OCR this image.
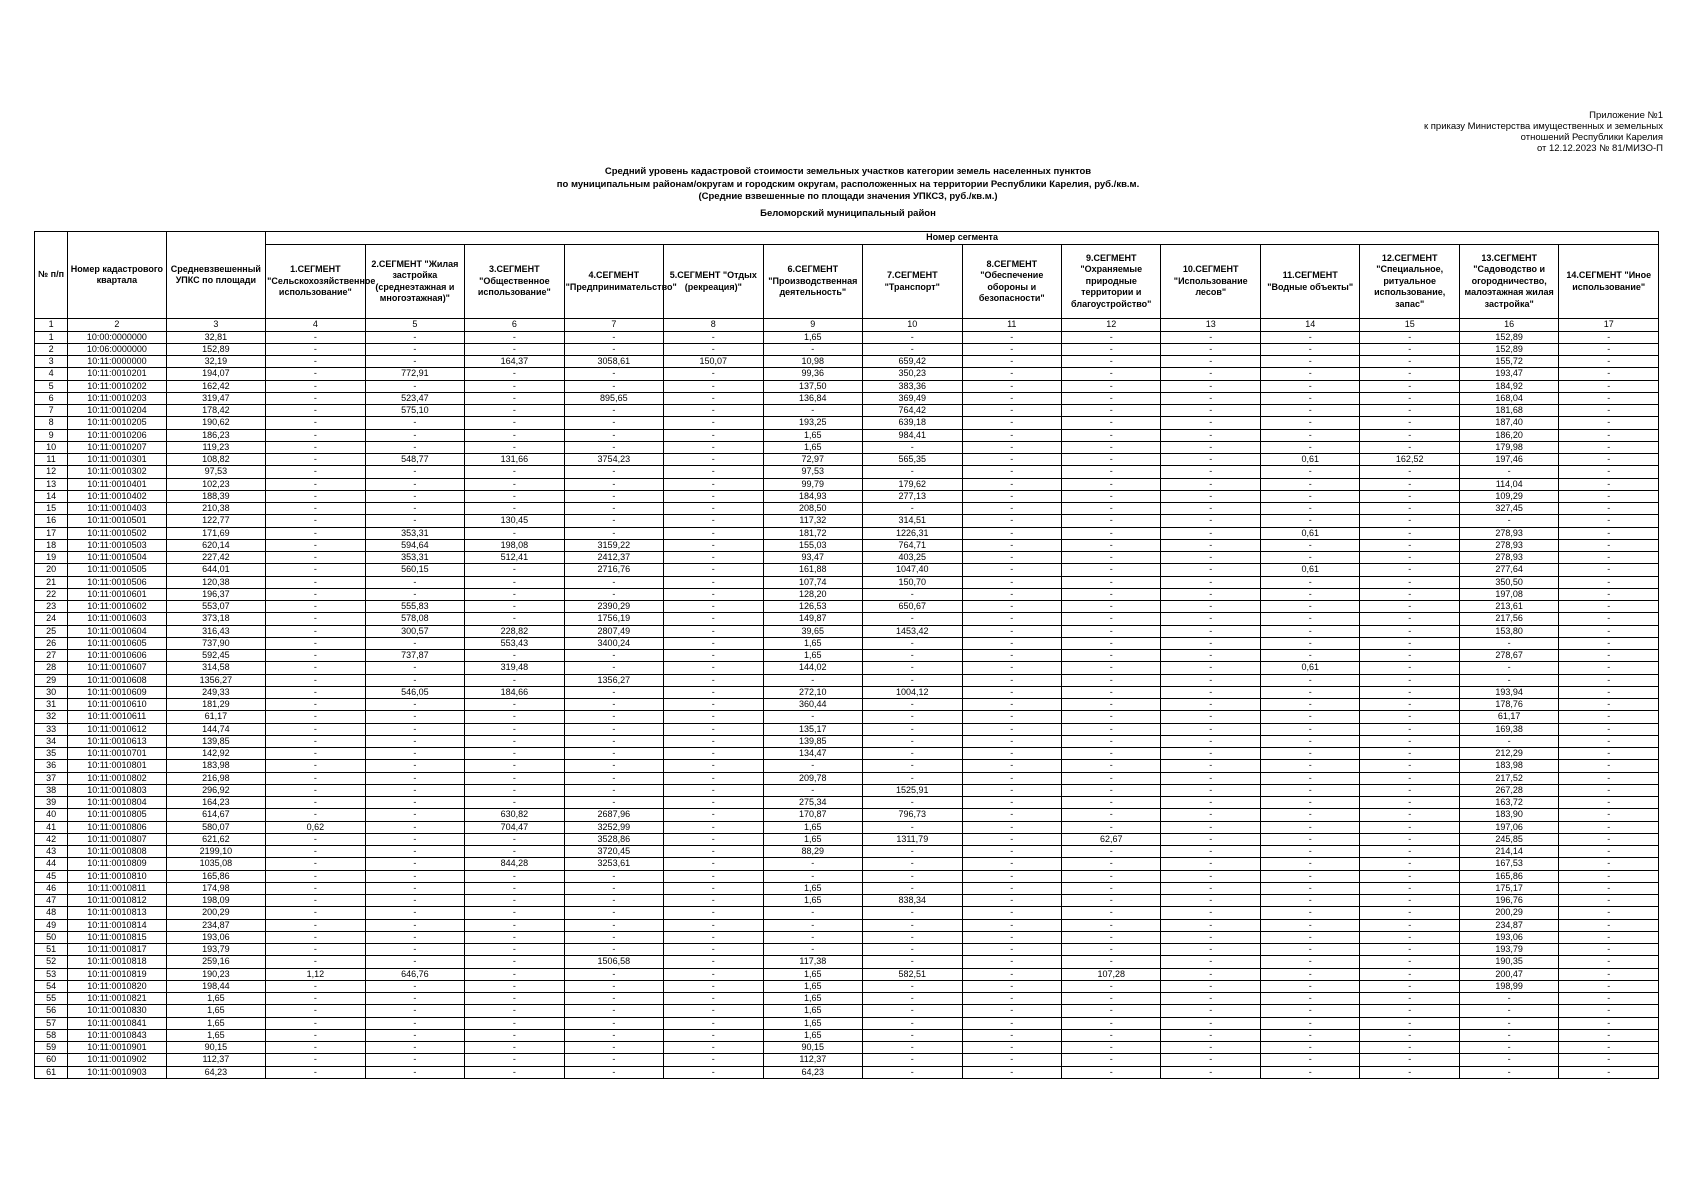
Приложение №1
к приказу Министерства имущественных и земельных
отношений Республики Карелия
от 12.12.2023 № 81/МИЗО-П
Средний уровень кадастровой стоимости земельных участков категории земель населенных пунктов
по муниципальным районам/округам и городским округам, расположенных на территории Республики Карелия, руб./кв.м.
(Средние взвешенные по площади значения УПКСЗ, руб./кв.м.)
Беломорский муниципальный район
№ п/п	Номер кадастрового квартала	Средневзвешенный УПКС по площади	Номер сегмента													
			1.СЕГМЕНТ "Сельскохозяйственное использование"	2.СЕГМЕНТ "Жилая застройка (среднеэтажная и многоэтажная)"	3.СЕГМЕНТ "Общественное использование"	4.СЕГМЕНТ "Предпринимательство"	5.СЕГМЕНТ "Отдых (рекреация)"	6.СЕГМЕНТ "Производственная деятельность"	7.СЕГМЕНТ "Транспорт"	8.СЕГМЕНТ "Обеспечение обороны и безопасности"	9.СЕГМЕНТ "Охраняемые природные территории и благоустройство"	10.СЕГМЕНТ "Использование лесов"	11.СЕГМЕНТ "Водные объекты"	12.СЕГМЕНТ "Специальное, ритуальное использование, запас"	13.СЕГМЕНТ "Садоводство и огородничество, малоэтажная жилая застройка"	14.СЕГМЕНТ "Иное использование"
1	2	3	4	5	6	7	8	9	10	11	12	13	14	15	16	17
1	10:00:0000000	32,81	-	-	-	-	-	1,65	-	-	-	-	-	-	152,89	-
2	10:06:0000000	152,89	-	-	-	-	-	-	-	-	-	-	-	-	152,89	-
3	10:11:0000000	32,19	-	-	164,37	3058,61	150,07	10,98	659,42	-	-	-	-	-	155,72	-
4	10:11:0010201	194,07	-	772,91	-	-	-	99,36	350,23	-	-	-	-	-	193,47	-
5	10:11:0010202	162,42	-	-	-	-	-	137,50	383,36	-	-	-	-	-	184,92	-
6	10:11:0010203	319,47	-	523,47	-	895,65	-	136,84	369,49	-	-	-	-	-	168,04	-
7	10:11:0010204	178,42	-	575,10	-	-	-	-	764,42	-	-	-	-	-	181,68	-
8	10:11:0010205	190,62	-	-	-	-	-	193,25	639,18	-	-	-	-	-	187,40	-
9	10:11:0010206	186,23	-	-	-	-	-	1,65	984,41	-	-	-	-	-	186,20	-
10	10:11:0010207	119,23	-	-	-	-	-	1,65	-	-	-	-	-	-	179,98	-
11	10:11:0010301	108,82	-	548,77	131,66	3754,23	-	72,97	565,35	-	-	-	0,61	162,52	197,46	-
12	10:11:0010302	97,53	-	-	-	-	-	97,53	-	-	-	-	-	-	-	-
13	10:11:0010401	102,23	-	-	-	-	-	99,79	179,62	-	-	-	-	-	114,04	-
14	10:11:0010402	188,39	-	-	-	-	-	184,93	277,13	-	-	-	-	-	109,29	-
15	10:11:0010403	210,38	-	-	-	-	-	208,50	-	-	-	-	-	-	327,45	-
16	10:11:0010501	122,77	-	-	130,45	-	-	117,32	314,51	-	-	-	-	-	-	-
17	10:11:0010502	171,69	-	353,31	-	-	-	181,72	1226,31	-	-	-	0,61	-	278,93	-
18	10:11:0010503	620,14	-	594,64	198,08	3159,22	-	155,03	764,71	-	-	-	-	-	278,93	-
19	10:11:0010504	227,42	-	353,31	512,41	2412,37	-	93,47	403,25	-	-	-	-	-	278,93	-
20	10:11:0010505	644,01	-	560,15	-	2716,76	-	161,88	1047,40	-	-	-	0,61	-	277,64	-
21	10:11:0010506	120,38	-	-	-	-	-	107,74	150,70	-	-	-	-	-	350,50	-
22	10:11:0010601	196,37	-	-	-	-	-	128,20	-	-	-	-	-	-	197,08	-
23	10:11:0010602	553,07	-	555,83	-	2390,29	-	126,53	650,67	-	-	-	-	-	213,61	-
24	10:11:0010603	373,18	-	578,08	-	1756,19	-	149,87	-	-	-	-	-	-	217,56	-
25	10:11:0010604	316,43	-	300,57	228,82	2807,49	-	39,65	1453,42	-	-	-	-	-	153,80	-
26	10:11:0010605	737,90	-	-	553,43	3400,24	-	1,65	-	-	-	-	-	-	-	-
27	10:11:0010606	592,45	-	737,87	-	-	-	1,65	-	-	-	-	-	-	278,67	-
28	10:11:0010607	314,58	-	-	319,48	-	-	144,02	-	-	-	-	0,61	-	-	-
29	10:11:0010608	1356,27	-	-	-	1356,27	-	-	-	-	-	-	-	-	-	-
30	10:11:0010609	249,33	-	546,05	184,66	-	-	272,10	1004,12	-	-	-	-	-	193,94	-
31	10:11:0010610	181,29	-	-	-	-	-	360,44	-	-	-	-	-	-	178,76	-
32	10:11:0010611	61,17	-	-	-	-	-	-	-	-	-	-	-	-	61,17	-
33	10:11:0010612	144,74	-	-	-	-	-	135,17	-	-	-	-	-	-	169,38	-
34	10:11:0010613	139,85	-	-	-	-	-	139,85	-	-	-	-	-	-	-	-
35	10:11:0010701	142,92	-	-	-	-	-	134,47	-	-	-	-	-	-	212,29	-
36	10:11:0010801	183,98	-	-	-	-	-	-	-	-	-	-	-	-	183,98	-
37	10:11:0010802	216,98	-	-	-	-	-	209,78	-	-	-	-	-	-	217,52	-
38	10:11:0010803	296,92	-	-	-	-	-	-	1525,91	-	-	-	-	-	267,28	-
39	10:11:0010804	164,23	-	-	-	-	-	275,34	-	-	-	-	-	-	163,72	-
40	10:11:0010805	614,67	-	-	630,82	2687,96	-	170,87	796,73	-	-	-	-	-	183,90	-
41	10:11:0010806	580,07	0,62	-	704,47	3252,99	-	1,65	-	-	-	-	-	-	197,06	-
42	10:11:0010807	621,62	-	-	-	3528,86	-	1,65	1311,79	-	62,67	-	-	-	245,85	-
43	10:11:0010808	2199,10	-	-	-	3720,45	-	88,29	-	-	-	-	-	-	214,14	-
44	10:11:0010809	1035,08	-	-	844,28	3253,61	-	-	-	-	-	-	-	-	167,53	-
45	10:11:0010810	165,86	-	-	-	-	-	-	-	-	-	-	-	-	165,86	-
46	10:11:0010811	174,98	-	-	-	-	-	1,65	-	-	-	-	-	-	175,17	-
47	10:11:0010812	198,09	-	-	-	-	-	1,65	838,34	-	-	-	-	-	196,76	-
48	10:11:0010813	200,29	-	-	-	-	-	-	-	-	-	-	-	-	200,29	-
49	10:11:0010814	234,87	-	-	-	-	-	-	-	-	-	-	-	-	234,87	-
50	10:11:0010815	193,06	-	-	-	-	-	-	-	-	-	-	-	-	193,06	-
51	10:11:0010817	193,79	-	-	-	-	-	-	-	-	-	-	-	-	193,79	-
52	10:11:0010818	259,16	-	-	-	1506,58	-	117,38	-	-	-	-	-	-	190,35	-
53	10:11:0010819	190,23	1,12	646,76	-	-	-	1,65	582,51	-	107,28	-	-	-	200,47	-
54	10:11:0010820	198,44	-	-	-	-	-	1,65	-	-	-	-	-	-	198,99	-
55	10:11:0010821	1,65	-	-	-	-	-	1,65	-	-	-	-	-	-	-	-
56	10:11:0010830	1,65	-	-	-	-	-	1,65	-	-	-	-	-	-	-	-
57	10:11:0010841	1,65	-	-	-	-	-	1,65	-	-	-	-	-	-	-	-
58	10:11:0010843	1,65	-	-	-	-	-	1,65	-	-	-	-	-	-	-	-
59	10:11:0010901	90,15	-	-	-	-	-	90,15	-	-	-	-	-	-	-	-
60	10:11:0010902	112,37	-	-	-	-	-	112,37	-	-	-	-	-	-	-	-
61	10:11:0010903	64,23	-	-	-	-	-	64,23	-	-	-	-	-	-	-	-
